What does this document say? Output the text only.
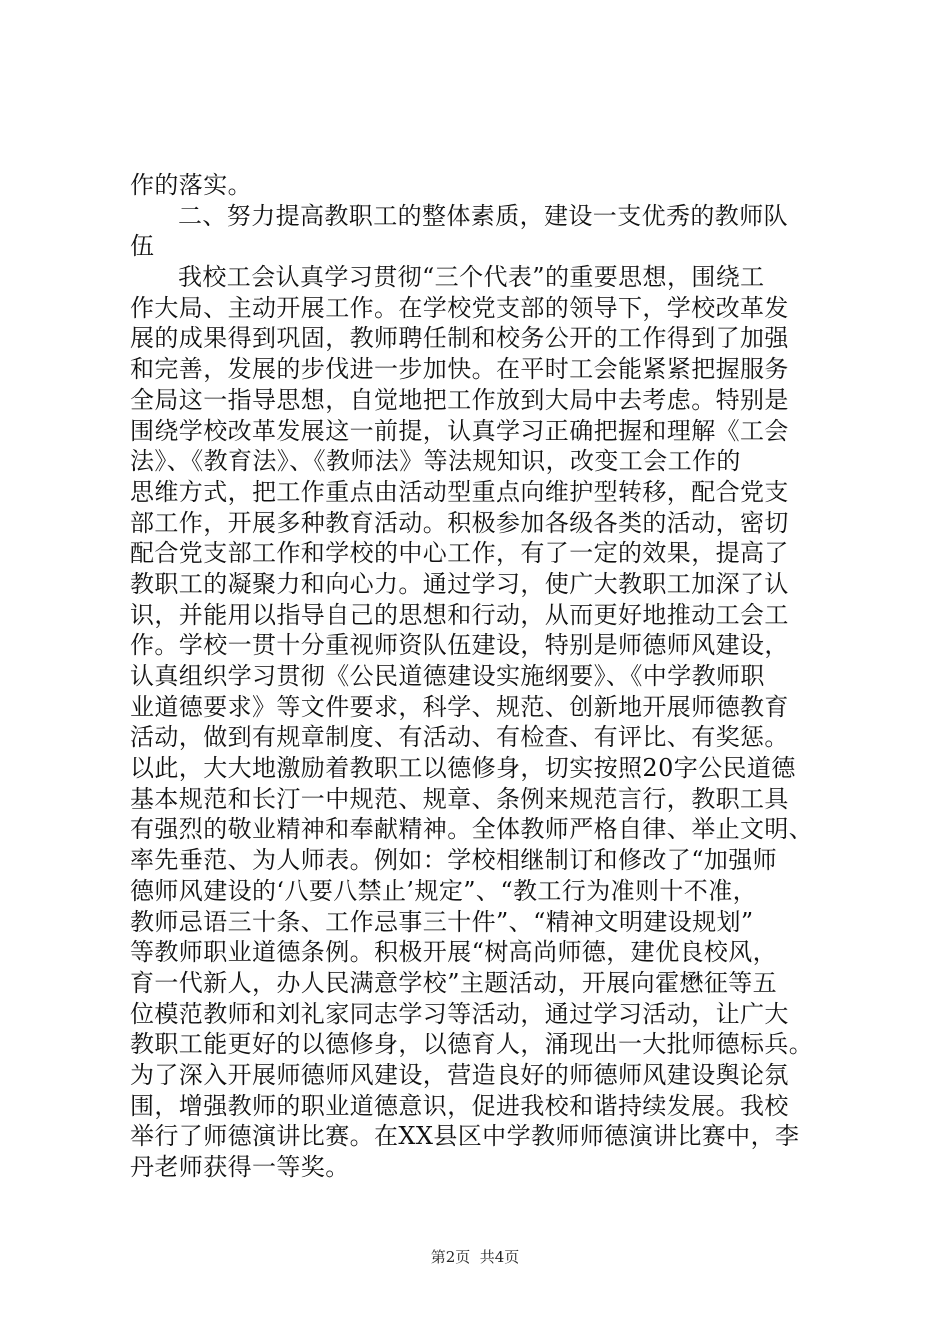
作的落实。
二、努力提高教职工的整体素质，建设一支优秀的教师队
伍
我校工会认真学习贯彻“三个代表”的重要思想，围绕工
作大局、主动开展工作。在学校党支部的领导下，学校改革发
展的成果得到巩固，教师聘任制和校务公开的工作得到了加强
和完善，发展的步伐进一步加快。在平时工会能紧紧把握服务
全局这一指导思想，自觉地把工作放到大局中去考虑。特别是
围绕学校改革发展这一前提，认真学习正确把握和理解《工会
法》、《教育法》、《教师法》等法规知识，改变工会工作的
思维方式，把工作重点由活动型重点向维护型转移，配合党支
部工作，开展多种教育活动。积极参加各级各类的活动，密切
配合党支部工作和学校的中心工作，有了一定的效果，提高了
教职工的凝聚力和向心力。通过学习，使广大教职工加深了认
识，并能用以指导自己的思想和行动，从而更好地推动工会工
作。学校一贯十分重视师资队伍建设，特别是师德师风建设，
认真组织学习贯彻《公民道德建设实施纲要》、《中学教师职
业道德要求》等文件要求，科学、规范、创新地开展师德教育
活动，做到有规章制度、有活动、有检查、有评比、有奖惩。
以此，大大地激励着教职工以德修身，切实按照20字公民道德
基本规范和长汀一中规范、规章、条例来规范言行，教职工具
有强烈的敬业精神和奉献精神。全体教师严格自律、举止文明、
率先垂范、为人师表。例如：学校相继制订和修改了“加强师
德师风建设的‘八要八禁止’规定”、“教工行为准则十不准，
教师忌语三十条、工作忌事三十件”、“精神文明建设规划”
等教师职业道德条例。积极开展“树高尚师德，建优良校风，
育一代新人，办人民满意学校”主题活动，开展向霍懋征等五
位模范教师和刘礼家同志学习等活动，通过学习活动，让广大
教职工能更好的以德修身，以德育人，涌现出一大批师德标兵。
为了深入开展师德师风建设，营造良好的师德师风建设舆论氛
围，增强教师的职业道德意识，促进我校和谐持续发展。我校
举行了师德演讲比赛。在XX县区中学教师师德演讲比赛中，李
丹老师获得一等奖。
第2页  共4页
